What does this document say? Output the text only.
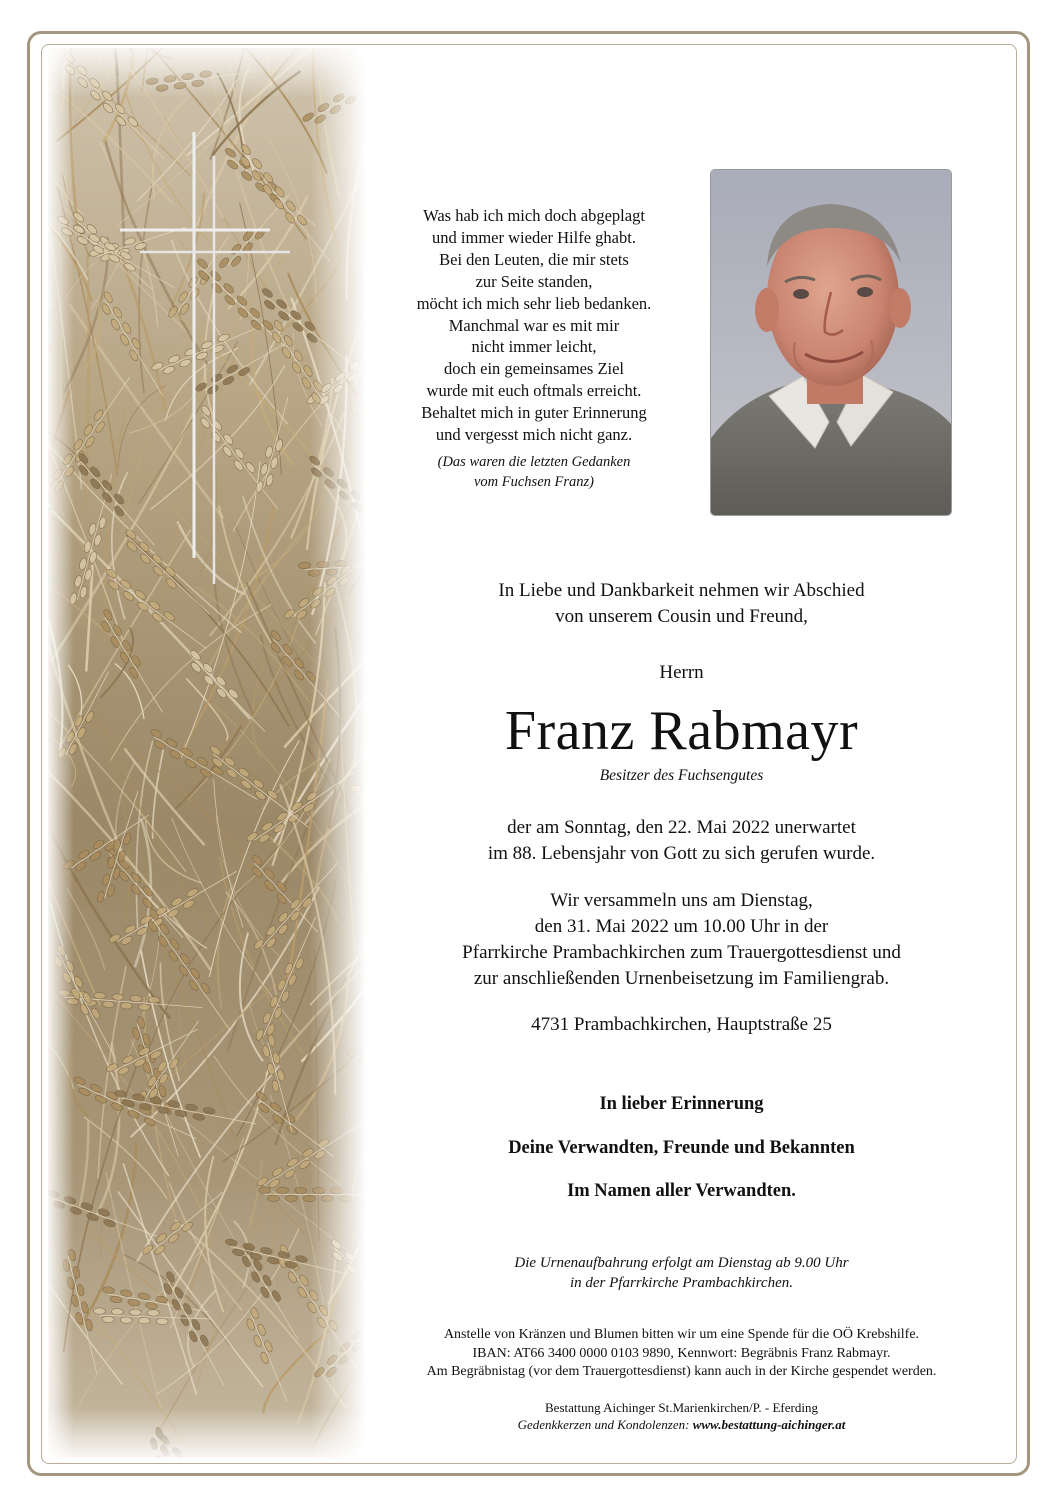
Was hab ich mich doch abgeplagt
und immer wieder Hilfe ghabt.
Bei den Leuten, die mir stets
zur Seite standen,
möcht ich mich sehr lieb bedanken.
Manchmal war es mit mir
nicht immer leicht,
doch ein gemeinsames Ziel
wurde mit euch oftmals erreicht.
Behaltet mich in guter Erinnerung
und vergesst mich nicht ganz.
(Das waren die letzten Gedanken
vom Fuchsen Franz)
In Liebe und Dankbarkeit nehmen wir Abschied
von unserem Cousin und Freund,
Herrn
Franz Rabmayr
Besitzer des Fuchsengutes
der am Sonntag, den 22. Mai 2022 unerwartet
im 88. Lebensjahr von Gott zu sich gerufen wurde.
Wir versammeln uns am Dienstag,
den 31. Mai 2022 um 10.00 Uhr in der
Pfarrkirche Prambachkirchen zum Trauergottesdienst und
zur anschließenden Urnenbeisetzung im Familiengrab.
4731 Prambachkirchen, Hauptstraße 25
In lieber Erinnerung
Deine Verwandten, Freunde und Bekannten
Im Namen aller Verwandten.
Die Urnenaufbahrung erfolgt am Dienstag ab 9.00 Uhr
in der Pfarrkirche Prambachkirchen.
Anstelle von Kränzen und Blumen bitten wir um eine Spende für die OÖ Krebshilfe.
IBAN: AT66 3400 0000 0103 9890, Kennwort: Begräbnis Franz Rabmayr.
Am Begräbnistag (vor dem Trauergottesdienst) kann auch in der Kirche gespendet werden.
Bestattung Aichinger St.Marienkirchen/P. - Eferding
Gedenkkerzen und Kondolenzen: www.bestattung-aichinger.at
